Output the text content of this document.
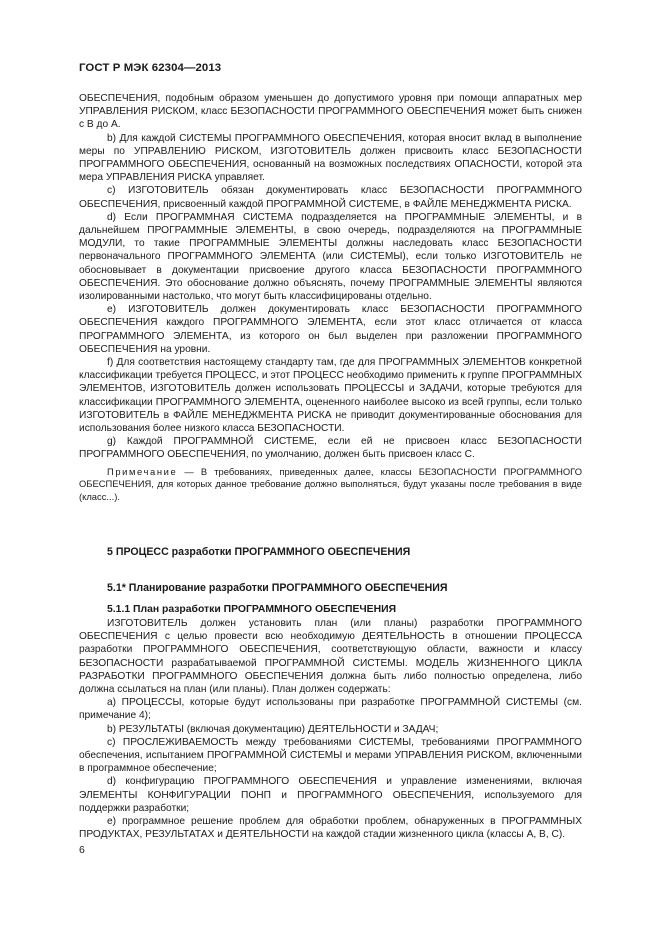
ГОСТ Р МЭК 62304—2013

ОБЕСПЕЧЕНИЯ, подобным образом уменьшен до допустимого уровня при помощи аппаратных мер УПРАВЛЕНИЯ РИСКОМ, класс БЕЗОПАСНОСТИ ПРОГРАММНОГО ОБЕСПЕЧЕНИЯ может быть снижен с B до A.

b) Для каждой СИСТЕМЫ ПРОГРАММНОГО ОБЕСПЕЧЕНИЯ, которая вносит вклад в выполнение меры по УПРАВЛЕНИЮ РИСКОМ, ИЗГОТОВИТЕЛЬ должен присвоить класс БЕЗОПАСНОСТИ ПРОГРАММНОГО ОБЕСПЕЧЕНИЯ, основанный на возможных последствиях ОПАСНОСТИ, которой эта мера УПРАВЛЕНИЯ РИСКА управляет.

c) ИЗГОТОВИТЕЛЬ обязан документировать класс БЕЗОПАСНОСТИ ПРОГРАММНОГО ОБЕСПЕЧЕНИЯ, присвоенный каждой ПРОГРАММНОЙ СИСТЕМЕ, в ФАЙЛЕ МЕНЕДЖМЕНТА РИСКА.

d) Если ПРОГРАММНАЯ СИСТЕМА подразделяется на ПРОГРАММНЫЕ ЭЛЕМЕНТЫ, и в дальнейшем ПРОГРАММНЫЕ ЭЛЕМЕНТЫ, в свою очередь, подразделяются на ПРОГРАММНЫЕ МОДУЛИ, то такие ПРОГРАММНЫЕ ЭЛЕМЕНТЫ должны наследовать класс БЕЗОПАСНОСТИ первоначального ПРОГРАММНОГО ЭЛЕМЕНТА (или СИСТЕМЫ), если только ИЗГОТОВИТЕЛЬ не обосновывает в документации присвоение другого класса БЕЗОПАСНОСТИ ПРОГРАММНОГО ОБЕСПЕЧЕНИЯ. Это обоснование должно объяснять, почему ПРОГРАММНЫЕ ЭЛЕМЕНТЫ являются изолированными настолько, что могут быть классифицированы отдельно.

e) ИЗГОТОВИТЕЛЬ должен документировать класс БЕЗОПАСНОСТИ ПРОГРАММНОГО ОБЕСПЕЧЕНИЯ каждого ПРОГРАММНОГО ЭЛЕМЕНТА, если этот класс отличается от класса ПРОГРАММНОГО ЭЛЕМЕНТА, из которого он был выделен при разложении ПРОГРАММНОГО ОБЕСПЕЧЕНИЯ на уровни.

f) Для соответствия настоящему стандарту там, где для ПРОГРАММНЫХ ЭЛЕМЕНТОВ конкретной классификации требуется ПРОЦЕСС, и этот ПРОЦЕСС необходимо применить к группе ПРОГРАММНЫХ ЭЛЕМЕНТОВ, ИЗГОТОВИТЕЛЬ должен использовать ПРОЦЕССЫ и ЗАДАЧИ, которые требуются для классификации ПРОГРАММНОГО ЭЛЕМЕНТА, оцененного наиболее высоко из всей группы, если только ИЗГОТОВИТЕЛЬ в ФАЙЛЕ МЕНЕДЖМЕНТА РИСКА не приводит документированные обоснования для использования более низкого класса БЕЗОПАСНОСТИ.

g) Каждой ПРОГРАММНОЙ СИСТЕМЕ, если ей не присвоен класс БЕЗОПАСНОСТИ ПРОГРАММНОГО ОБЕСПЕЧЕНИЯ, по умолчанию, должен быть присвоен класс С.

Примечание — В требованиях, приведенных далее, классы БЕЗОПАСНОСТИ ПРОГРАММНОГО ОБЕСПЕЧЕНИЯ, для которых данное требование должно выполняться, будут указаны после требования в виде (класс...).

5 ПРОЦЕСС разработки ПРОГРАММНОГО ОБЕСПЕЧЕНИЯ
5.1* Планирование разработки ПРОГРАММНОГО ОБЕСПЕЧЕНИЯ
5.1.1 План разработки ПРОГРАММНОГО ОБЕСПЕЧЕНИЯ

ИЗГОТОВИТЕЛЬ должен установить план (или планы) разработки ПРОГРАММНОГО ОБЕСПЕЧЕНИЯ с целью провести всю необходимую ДЕЯТЕЛЬНОСТЬ в отношении ПРОЦЕССА разработки ПРОГРАММНОГО ОБЕСПЕЧЕНИЯ, соответствующую области, важности и классу БЕЗОПАСНОСТИ разрабатываемой ПРОГРАММНОЙ СИСТЕМЫ. МОДЕЛЬ ЖИЗНЕННОГО ЦИКЛА РАЗРАБОТКИ ПРОГРАММНОГО ОБЕСПЕЧЕНИЯ должна быть либо полностью определена, либо должна ссылаться на план (или планы). План должен содержать:

a) ПРОЦЕССЫ, которые будут использованы при разработке ПРОГРАММНОЙ СИСТЕМЫ (см. примечание 4);

b) РЕЗУЛЬТАТЫ (включая документацию) ДЕЯТЕЛЬНОСТИ и ЗАДАЧ;

c) ПРОСЛЕЖИВАЕМОСТЬ между требованиями СИСТЕМЫ, требованиями ПРОГРАММНОГО обеспечения, испытанием ПРОГРАММНОЙ СИСТЕМЫ и мерами УПРАВЛЕНИЯ РИСКОМ, включенными в программное обеспечение;

d) конфигурацию ПРОГРАММНОГО ОБЕСПЕЧЕНИЯ и управление изменениями, включая ЭЛЕМЕНТЫ КОНФИГУРАЦИИ ПОНП и ПРОГРАММНОГО ОБЕСПЕЧЕНИЯ, используемого для поддержки разработки;

e) программное решение проблем для обработки проблем, обнаруженных в ПРОГРАММНЫХ ПРОДУКТАХ, РЕЗУЛЬТАТАХ и ДЕЯТЕЛЬНОСТИ на каждой стадии жизненного цикла (классы А, В, С).

6
